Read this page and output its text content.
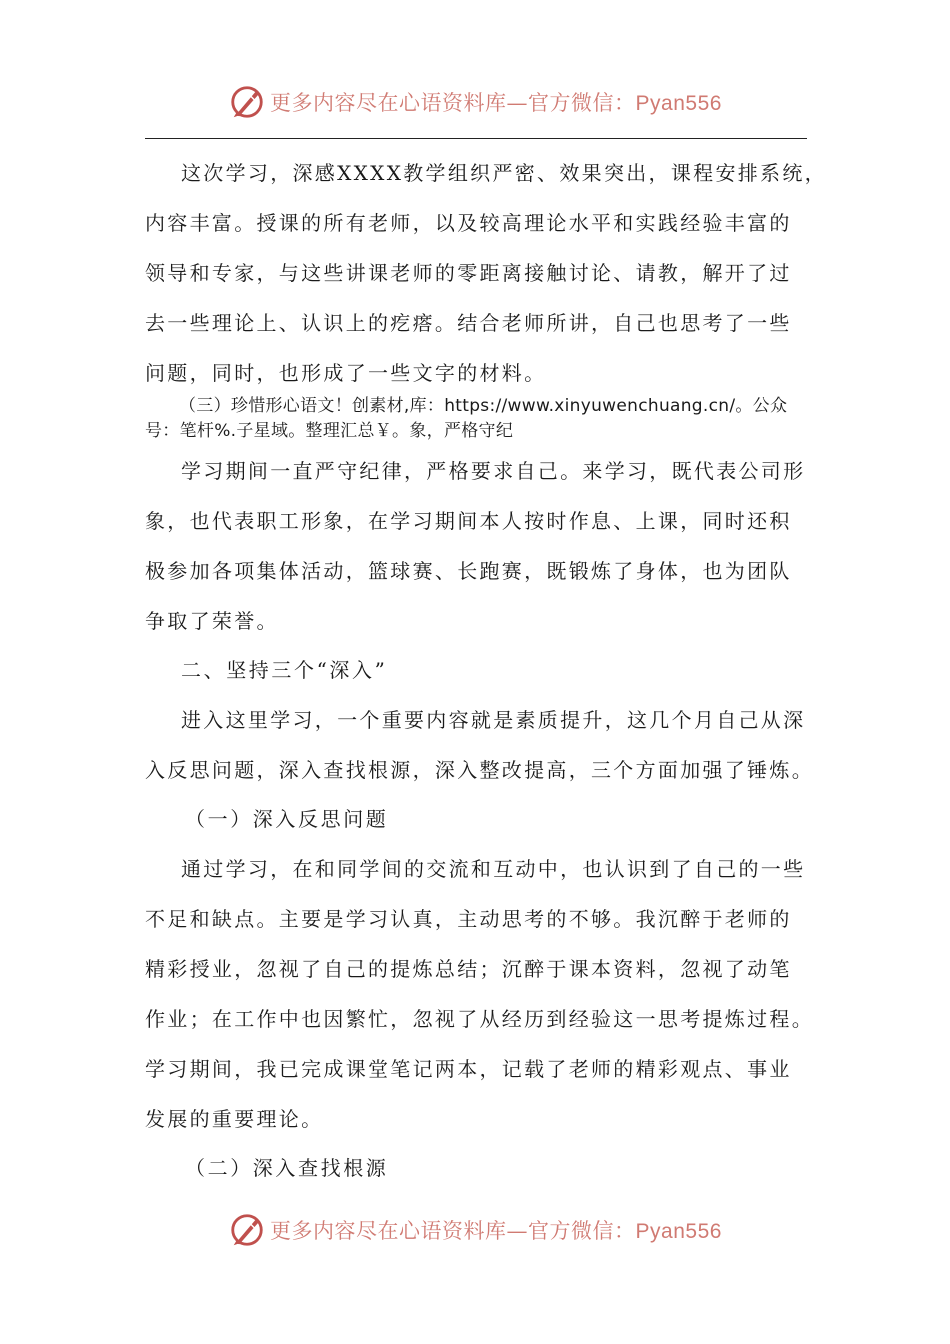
更多内容尽在心语资料库—官方微信：Pyan556
这次学习，深感XXXX教学组织严密、效果突出，课程安排系统，
内容丰富。授课的所有老师，以及较高理论水平和实践经验丰富的
领导和专家，与这些讲课老师的零距离接触讨论、请教，解开了过
去一些理论上、认识上的疙瘩。结合老师所讲，自己也思考了一些
问题，同时，也形成了一些文字的材料。
（三）珍惜形心语文！创素材,库：https://www.xinyuwenchuang.cn/。公众
号：笔杆%.子星域。整理汇总￥。象，严格守纪
学习期间一直严守纪律，严格要求自己。来学习，既代表公司形
象，也代表职工形象，在学习期间本人按时作息、上课，同时还积
极参加各项集体活动，篮球赛、长跑赛，既锻炼了身体，也为团队
争取了荣誉。
二、坚持三个“深入”
进入这里学习，一个重要内容就是素质提升，这几个月自己从深
入反思问题，深入查找根源，深入整改提高，三个方面加强了锤炼。
（一）深入反思问题
通过学习，在和同学间的交流和互动中，也认识到了自己的一些
不足和缺点。主要是学习认真，主动思考的不够。我沉醉于老师的
精彩授业，忽视了自己的提炼总结；沉醉于课本资料，忽视了动笔
作业；在工作中也因繁忙，忽视了从经历到经验这一思考提炼过程。
学习期间，我已完成课堂笔记两本，记载了老师的精彩观点、事业
发展的重要理论。
（二）深入查找根源
更多内容尽在心语资料库—官方微信：Pyan556
